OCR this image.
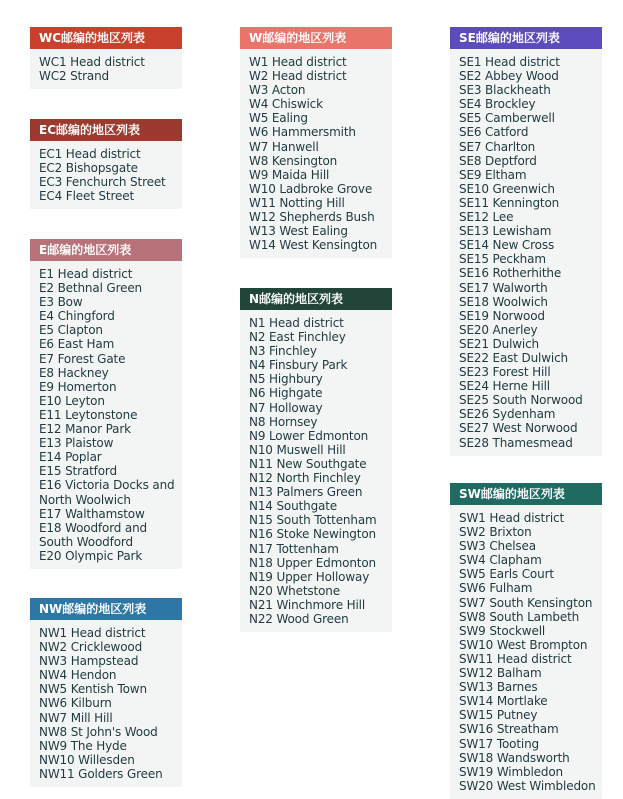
WC邮编的地区列表
WC1 Head district
WC2 Strand
EC邮编的地区列表
EC1 Head district
EC2 Bishopsgate
EC3 Fenchurch Street
EC4 Fleet Street
E邮编的地区列表
E1 Head district
E2 Bethnal Green
E3 Bow
E4 Chingford
E5 Clapton
E6 East Ham
E7 Forest Gate
E8 Hackney
E9 Homerton
E10 Leyton
E11 Leytonstone
E12 Manor Park
E13 Plaistow
E14 Poplar
E15 Stratford
E16 Victoria Docks and North Woolwich
E17 Walthamstow
E18 Woodford and South Woodford
E20 Olympic Park
NW邮编的地区列表
NW1 Head district
NW2 Cricklewood
NW3 Hampstead
NW4 Hendon
NW5 Kentish Town
NW6 Kilburn
NW7 Mill Hill
NW8 St John's Wood
NW9 The Hyde
NW10 Willesden
NW11 Golders Green
W邮编的地区列表
W1 Head district
W2 Head district
W3 Acton
W4 Chiswick
W5 Ealing
W6 Hammersmith
W7 Hanwell
W8 Kensington
W9 Maida Hill
W10 Ladbroke Grove
W11 Notting Hill
W12 Shepherds Bush
W13 West Ealing
W14 West Kensington
N邮编的地区列表
N1 Head district
N2 East Finchley
N3 Finchley
N4 Finsbury Park
N5 Highbury
N6 Highgate
N7 Holloway
N8 Hornsey
N9 Lower Edmonton
N10 Muswell Hill
N11 New Southgate
N12 North Finchley
N13 Palmers Green
N14 Southgate
N15 South Tottenham
N16 Stoke Newington
N17 Tottenham
N18 Upper Edmonton
N19 Upper Holloway
N20 Whetstone
N21 Winchmore Hill
N22 Wood Green
SE邮编的地区列表
SE1 Head district
SE2 Abbey Wood
SE3 Blackheath
SE4 Brockley
SE5 Camberwell
SE6 Catford
SE7 Charlton
SE8 Deptford
SE9 Eltham
SE10 Greenwich
SE11 Kennington
SE12 Lee
SE13 Lewisham
SE14 New Cross
SE15 Peckham
SE16 Rotherhithe
SE17 Walworth
SE18 Woolwich
SE19 Norwood
SE20 Anerley
SE21 Dulwich
SE22 East Dulwich
SE23 Forest Hill
SE24 Herne Hill
SE25 South Norwood
SE26 Sydenham
SE27 West Norwood
SE28 Thamesmead
SW邮编的地区列表
SW1 Head district
SW2 Brixton
SW3 Chelsea
SW4 Clapham
SW5 Earls Court
SW6 Fulham
SW7 South Kensington
SW8 South Lambeth
SW9 Stockwell
SW10 West Brompton
SW11 Head district
SW12 Balham
SW13 Barnes
SW14 Mortlake
SW15 Putney
SW16 Streatham
SW17 Tooting
SW18 Wandsworth
SW19 Wimbledon
SW20 West Wimbledon
